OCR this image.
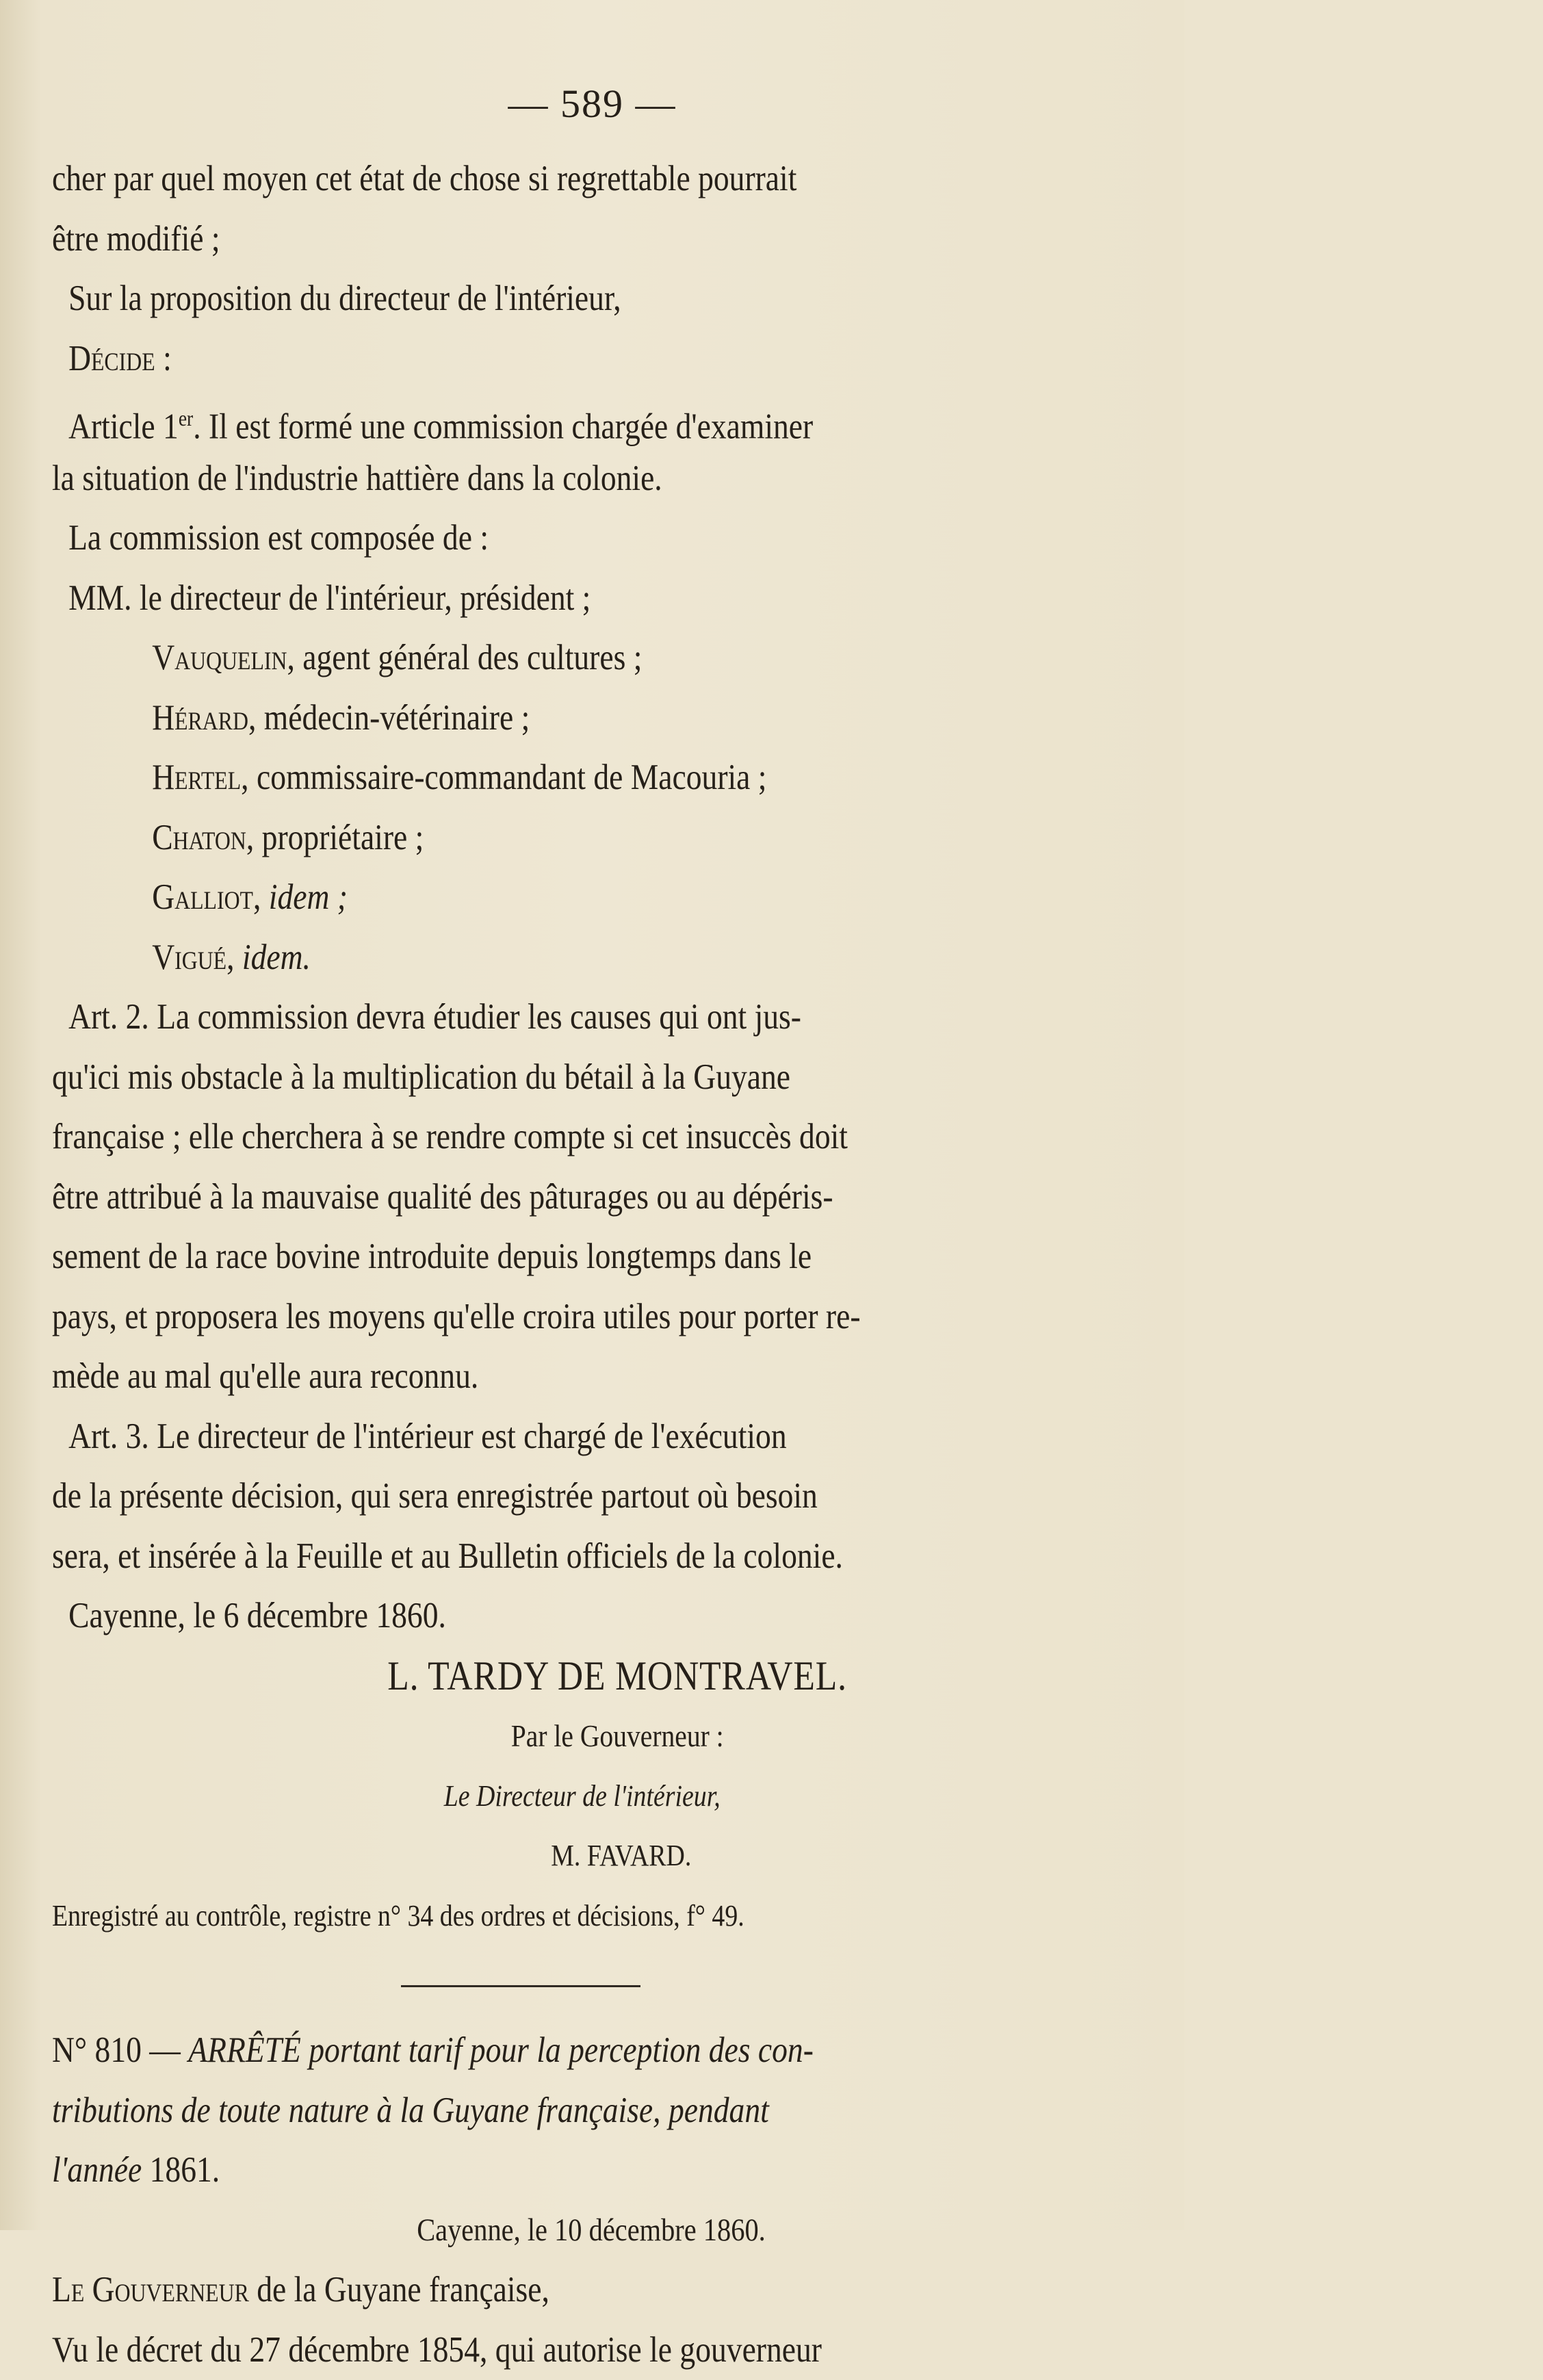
— 589 —
cher par quel moyen cet état de chose si regrettable pourrait
être modifié ;
Sur la proposition du directeur de l'intérieur,
Décide :
Article 1er. Il est formé une commission chargée d'examiner
la situation de l'industrie hattière dans la colonie.
La commission est composée de :
MM. le directeur de l'intérieur, président ;
Vauquelin, agent général des cultures ;
Hérard, médecin-vétérinaire ;
Hertel, commissaire-commandant de Macouria ;
Chaton, propriétaire ;
Galliot, idem ;
Vigué, idem.
Art. 2. La commission devra étudier les causes qui ont jus-
qu'ici mis obstacle à la multiplication du bétail à la Guyane
française ; elle cherchera à se rendre compte si cet insuccès doit
être attribué à la mauvaise qualité des pâturages ou au dépéris-
sement de la race bovine introduite depuis longtemps dans le
pays, et proposera les moyens qu'elle croira utiles pour porter re-
mède au mal qu'elle aura reconnu.
Art. 3. Le directeur de l'intérieur est chargé de l'exécution
de la présente décision, qui sera enregistrée partout où besoin
sera, et insérée à la Feuille et au Bulletin officiels de la colonie.
Cayenne, le 6 décembre 1860.
L. TARDY DE MONTRAVEL.
Par le Gouverneur :
Le Directeur de l'intérieur,
M. FAVARD.
Enregistré au contrôle, registre n° 34 des ordres et décisions, f° 49.
N° 810 — ARRÊTÉ portant tarif pour la perception des con-
tributions de toute nature à la Guyane française, pendant
l'année 1861.
Cayenne, le 10 décembre 1860.
Le Gouverneur de la Guyane française,
Vu le décret du 27 décembre 1854, qui autorise le gouverneur
